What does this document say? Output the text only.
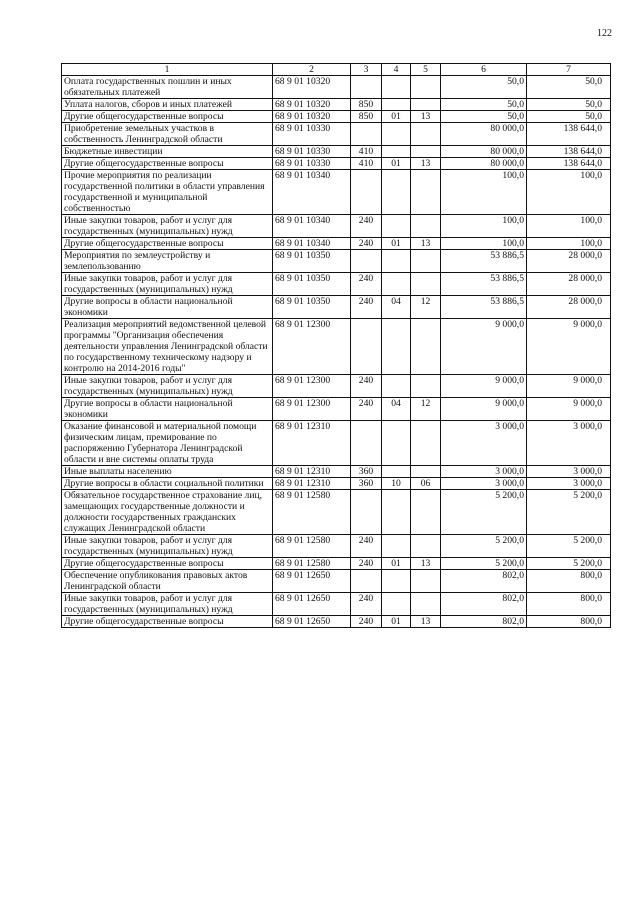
122
1	2	3	4	5	6	7
Оплата государственных пошлин и иных обязательных платежей	68 9 01 10320				50,0	50,0
Уплата налогов, сборов и иных платежей	68 9 01 10320	850			50,0	50,0
Другие общегосударственные вопросы	68 9 01 10320	850	01	13	50,0	50,0
Приобретение земельных участков в собственность Ленинградской области	68 9 01 10330				80 000,0	138 644,0
Бюджетные инвестиции	68 9 01 10330	410			80 000,0	138 644,0
Другие общегосударственные вопросы	68 9 01 10330	410	01	13	80 000,0	138 644,0
Прочие мероприятия по реализации государственной политики в области управления государственной и муниципальной собственностью	68 9 01 10340				100,0	100,0
Иные закупки товаров, работ и услуг для государственных (муниципальных) нужд	68 9 01 10340	240			100,0	100,0
Другие общегосударственные вопросы	68 9 01 10340	240	01	13	100,0	100,0
Мероприятия по землеустройству и землепользованию	68 9 01 10350				53 886,5	28 000,0
Иные закупки товаров, работ и услуг для государственных (муниципальных) нужд	68 9 01 10350	240			53 886,5	28 000,0
Другие вопросы в области национальной экономики	68 9 01 10350	240	04	12	53 886,5	28 000,0
Реализация мероприятий ведомственной целевой программы "Организация обеспечения деятельности управления Ленинградской области по государственному техническому надзору и контролю на 2014-2016 годы"	68 9 01 12300				9 000,0	9 000,0
Иные закупки товаров, работ и услуг для государственных (муниципальных) нужд	68 9 01 12300	240			9 000,0	9 000,0
Другие вопросы в области национальной экономики	68 9 01 12300	240	04	12	9 000,0	9 000,0
Оказание финансовой и материальной помощи физическим лицам, премирование по распоряжению Губернатора Ленинградской области и вне системы оплаты труда	68 9 01 12310				3 000,0	3 000,0
Иные выплаты населению	68 9 01 12310	360			3 000,0	3 000,0
Другие вопросы в области социальной политики	68 9 01 12310	360	10	06	3 000,0	3 000,0
Обязательное государственное страхование лиц, замещающих государственные должности и должности государственных гражданских служащих Ленинградской области	68 9 01 12580				5 200,0	5 200,0
Иные закупки товаров, работ и услуг для государственных (муниципальных) нужд	68 9 01 12580	240			5 200,0	5 200,0
Другие общегосударственные вопросы	68 9 01 12580	240	01	13	5 200,0	5 200,0
Обеспечение опубликования правовых актов Ленинградской области	68 9 01 12650				802,0	800,0
Иные закупки товаров, работ и услуг для государственных (муниципальных) нужд	68 9 01 12650	240			802,0	800,0
Другие общегосударственные вопросы	68 9 01 12650	240	01	13	802,0	800,0
